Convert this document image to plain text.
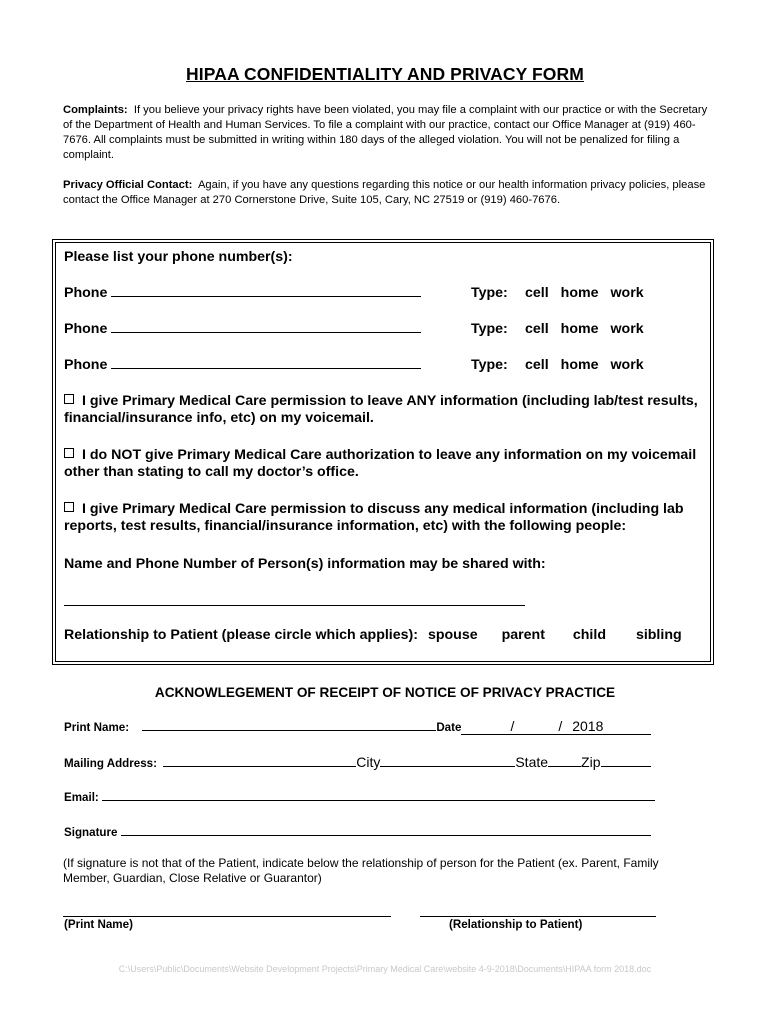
HIPAA CONFIDENTIALITY AND PRIVACY FORM
Complaints: If you believe your privacy rights have been violated, you may file a complaint with our practice or with the Secretary of the Department of Health and Human Services. To file a complaint with our practice, contact our Office Manager at (919) 460-7676. All complaints must be submitted in writing within 180 days of the alleged violation. You will not be penalized for filing a complaint.
Privacy Official Contact: Again, if you have any questions regarding this notice or our health information privacy policies, please contact the Office Manager at 270 Cornerstone Drive, Suite 105, Cary, NC 27519 or (919) 460-7676.
Please list your phone number(s):
Phone	Type: cell home work
Phone	Type: cell home work
Phone	Type: cell home work
I give Primary Medical Care permission to leave ANY information (including lab/test results, financial/insurance info, etc) on my voicemail.
I do NOT give Primary Medical Care authorization to leave any information on my voicemail other than stating to call my doctor’s office.
I give Primary Medical Care permission to discuss any medical information (including lab reports, test results, financial/insurance information, etc) with the following people:
Name and Phone Number of Person(s) information may be shared with:
Relationship to Patient (please circle which applies): spouse parent child sibling
ACKNOWLEGEMENT OF RECEIPT OF NOTICE OF PRIVACY PRACTICE
Print Name:	Date	/	/ 2018
Mailing Address:	City	State Zip
Email:
Signature
(If signature is not that of the Patient, indicate below the relationship of person for the Patient (ex. Parent, Family Member, Guardian, Close Relative or Guarantor)
(Print Name)	(Relationship to Patient)
C:\Users\Public\Documents\Website Development Projects\Primary Medical Care\website 4-9-2018\Documents\HIPAA form 2018.doc
